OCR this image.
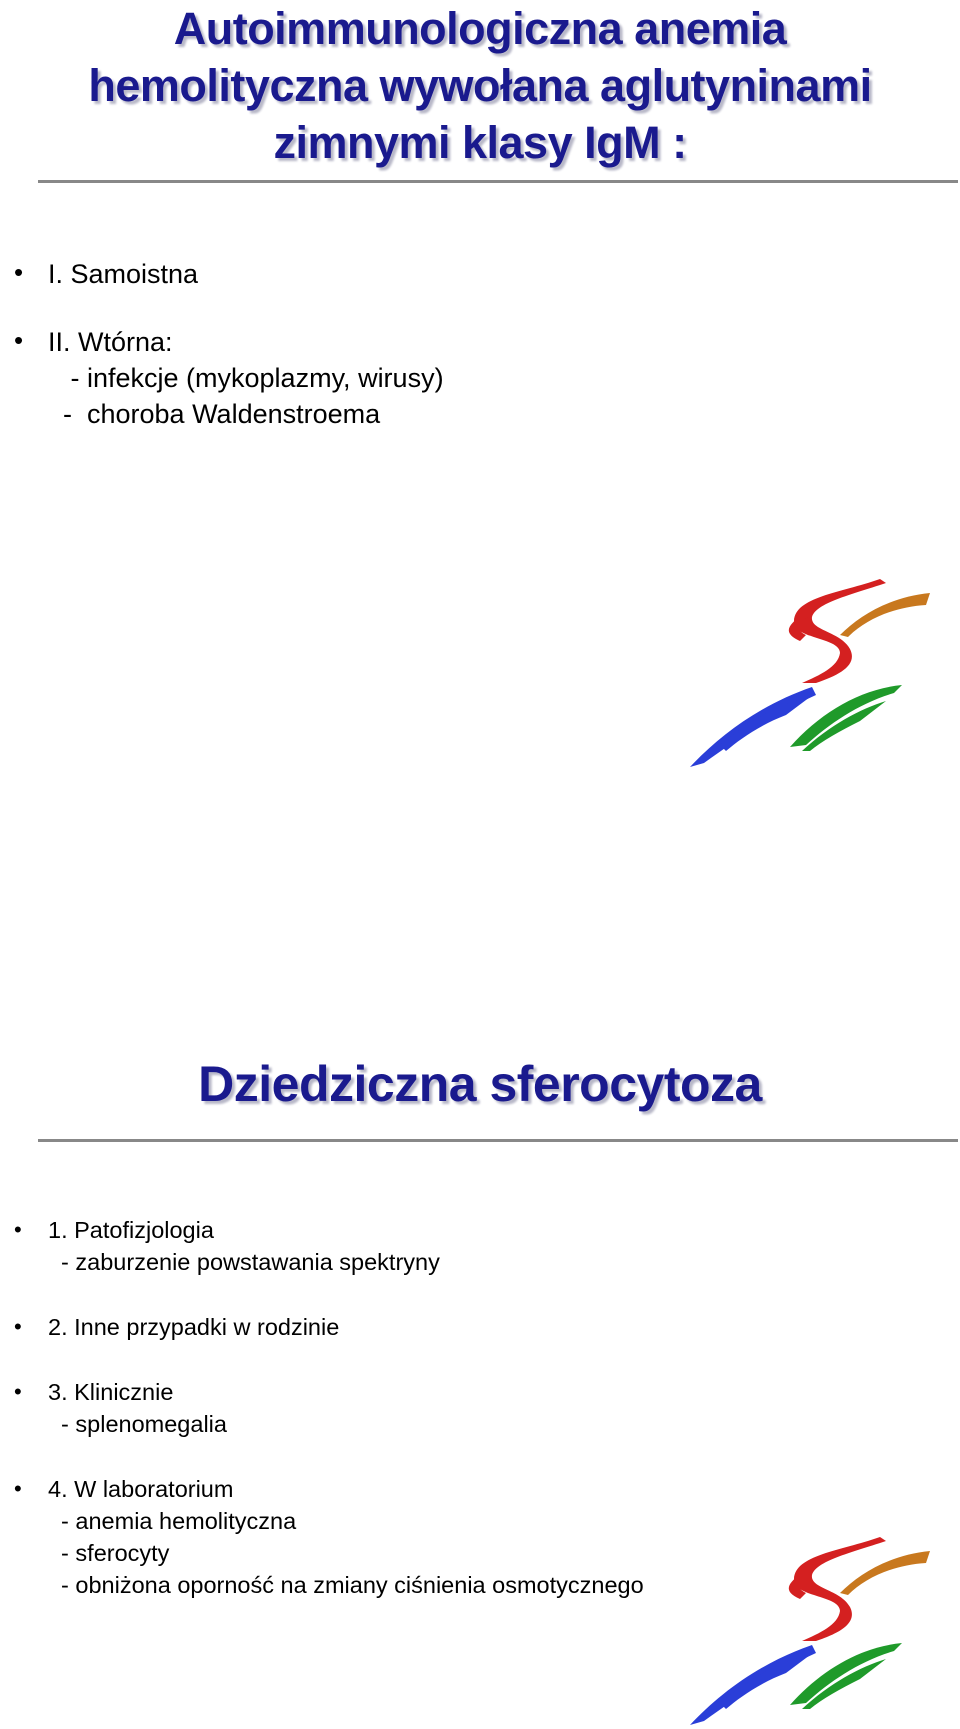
Autoimmunologiczna anemia
hemolityczna wywołana aglutyninami
zimnymi klasy IgM :
• I. Samoistna
• II. Wtórna:
- infekcje (mykoplazmy, wirusy)
-  choroba Waldenstroema
Dziedziczna sferocytoza
• 1. Patofizjologia
- zaburzenie powstawania spektryny
• 2. Inne przypadki w rodzinie
• 3. Klinicznie
- splenomegalia
• 4. W laboratorium
- anemia hemolityczna
- sferocyty
- obniżona oporność na zmiany ciśnienia osmotycznego
